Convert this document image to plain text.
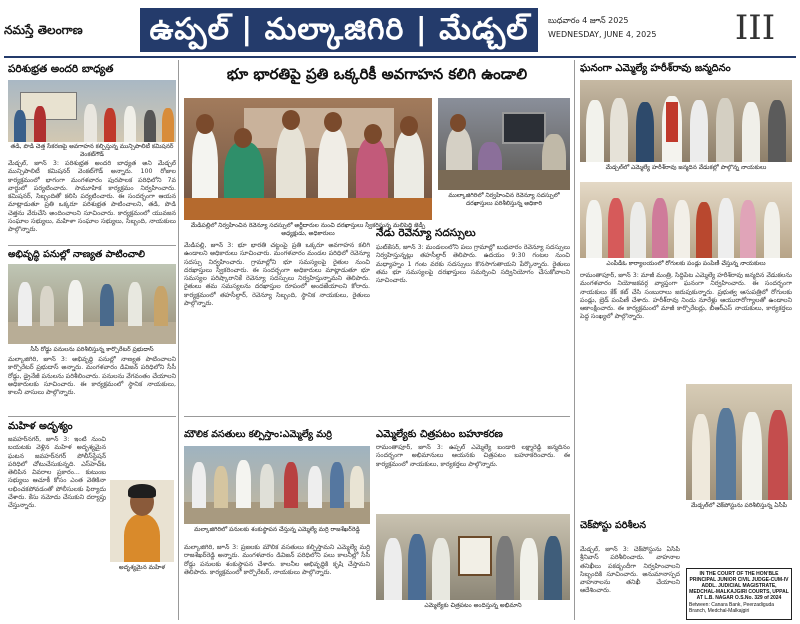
నమస్తే తెలంగాణ	ఉప్పల్ | మల్కాజిగిరి | మేడ్చల్	బుధవారం 4 జూన్ 2025
WEDNESDAY, JUNE 4, 2025	III
పరిశుభ్రత అందరి బాధ్యత
తడి, పొడి చెత్త సేకరణపై అవగాహన కల్పిస్తున్న మున్సిపాలిటీ కమిషనర్ వెంకట్‌గౌడ్
మేడ్చల్, జూన్ 3: పరిశుభ్రత అందరి బాధ్యత అని మేడ్చల్ మున్సిపాలిటీ కమిషనర్ వెంకట్‌గౌడ్ అన్నారు. 100 రోజుల కార్యక్రమంలో భాగంగా మంగళవారం పురపాలక పరిధిలోని 7వ వార్డులో పర్యటించారు. సామూహిక కార్యక్రమం నిర్వహించారు. కమిషనర్, సిబ్బందితో కలిసి పర్యటించారు. ఈ సందర్భంగా ఆయన మాట్లాడుతూ ప్రతి ఒక్కరూ పరిశుభ్రత పాటించాలని, తడి, పొడి చెత్తను వేరుచేసి అందించాలని సూచించారు. కార్యక్రమంలో యువజన సంఘాల సభ్యులు, మహిళా సంఘాల సభ్యులు, సిబ్బంది, నాయకులు పాల్గొన్నారు.
అభివృద్ధి పనుల్లో నాణ్యత పాటించాలి
సీసీ రోడ్డు పనులను పరిశీలిస్తున్న కార్పొరేటర్ ప్రభుదాస్
మల్కాజిగిరి, జూన్ 3: అభివృద్ధి పనుల్లో నాణ్యత పాటించాలని కార్పొరేటర్ ప్రభుదాస్ అన్నారు. మంగళవారం డివిజన్ పరిధిలోని సీసీ రోడ్డు, డ్రైనేజీ పనులను పరిశీలించారు. పనులను వేగవంతం చేయాలని అధికారులకు సూచించారు. ఈ కార్యక్రమంలో స్థానిక నాయకులు, కాలనీ వాసులు పాల్గొన్నారు.
మహిళ అదృశ్యం
జవహర్‌నగర్, జూన్ 3: ఇంటి నుంచి బయటకు వెళ్లిన మహిళ అదృశ్యమైన ఘటన జవహర్‌నగర్ పోలీస్‌స్టేషన్ పరిధిలో చోటుచేసుకున్నది. ఎస్‌హెచ్‌ఓ తెలిపిన వివరాల ప్రకారం... కుటుంబ సభ్యులు ఆచూకీ కోసం ఎంత వెతికినా లభించకపోవడంతో పోలీసులకు ఫిర్యాదు చేశారు. కేసు నమోదు చేసుకుని దర్యాప్తు చేస్తున్నారు.
అదృశ్యమైన మహిళ
భూ భారతిపై ప్రతి ఒక్కరికీ అవగాహన కలిగి ఉండాలి
మేడిపల్లిలో నిర్వహించిన రెవెన్యూ సదస్సులో అర్జీదారుల నుంచి దరఖాస్తులు స్వీకరిస్తున్న మలిపెద్ది జెడ్పీ అధ్యక్షుడు, అధికారులు
ముల్కాజిగిరిలో నిర్వహించిన రెవెన్యూ సదస్సులో దరఖాస్తులు పరిశీలిస్తున్న అధికారి
మేడిపల్లి, జూన్ 3: భూ భారతి చట్టంపై ప్రతి ఒక్కరూ అవగాహన కలిగి ఉండాలని అధికారులు సూచించారు. మంగళవారం మండల పరిధిలో రెవెన్యూ సదస్సు నిర్వహించారు. గ్రామాల్లోని భూ సమస్యలపై రైతుల నుంచి దరఖాస్తులు స్వీకరించారు. ఈ సందర్భంగా అధికారులు మాట్లాడుతూ భూ సమస్యల పరిష్కారానికే రెవెన్యూ సదస్సులు నిర్వహిస్తున్నామని తెలిపారు. రైతులు తమ సమస్యలను దరఖాస్తుల రూపంలో అందజేయాలని కోరారు. కార్యక్రమంలో తహసీల్దార్, రెవెన్యూ సిబ్బంది, స్థానిక నాయకులు, రైతులు పాల్గొన్నారు.
నేడు రెవెన్యూ సదస్సులు
ఘట్‌కేసర్, జూన్ 3: మండలంలోని పలు గ్రామాల్లో బుధవారం రెవెన్యూ సదస్సులు నిర్వహిస్తున్నట్లు తహసీల్దార్ తెలిపారు. ఉదయం 9:30 గంటల నుంచి మధ్యాహ్నం 1 గంట వరకు సదస్సులు కొనసాగుతాయని పేర్కొన్నారు. రైతులు తమ భూ సమస్యలపై దరఖాస్తులు సమర్పించి సద్వినియోగం చేసుకోవాలని సూచించారు.
మౌలిక వసతులు కల్పిస్తాం:ఎమ్మెల్యే మర్రి
మల్కాజిగిరిలో పనులకు శంకుస్థాపన చేస్తున్న ఎమ్మెల్యే మర్రి రాజశేఖర్‌రెడ్డి
మల్కాజిగిరి, జూన్ 3: ప్రజలకు మౌలిక వసతులు కల్పిస్తామని ఎమ్మెల్యే మర్రి రాజశేఖర్‌రెడ్డి అన్నారు. మంగళవారం డివిజన్ పరిధిలోని పలు కాలనీల్లో సీసీ రోడ్డు పనులకు శంకుస్థాపన చేశారు. కాలనీల అభివృద్ధికి కృషి చేస్తామని తెలిపారు. కార్యక్రమంలో కార్పొరేటర్, నాయకులు పాల్గొన్నారు.
ఎమ్మెల్యేకు చిత్రపటం బహూకరణ
రామంతాపూర్, జూన్ 3: ఉప్పల్ ఎమ్మెల్యే బండారి లక్ష్మారెడ్డి జన్మదినం సందర్భంగా అభిమానులు ఆయనకు చిత్రపటం బహూకరించారు. ఈ కార్యక్రమంలో నాయకులు, కార్యకర్తలు పాల్గొన్నారు.
ఎమ్మెల్యేకు చిత్రపటం అందిస్తున్న అభిమాని
ఘనంగా ఎమ్మెల్యే హరీశ్‌రావు జన్మదినం
మేడ్చల్‌లో ఎమ్మెల్యే హరీశ్‌రావు జన్మదిన వేడుకల్లో పాల్గొన్న నాయకులు
ఎంపీడీఓ కార్యాలయంలో రోగులకు పండ్లు పంపిణీ చేస్తున్న నాయకులు
రామంతాపూర్, జూన్ 3: మాజీ మంత్రి, సిద్దిపేట ఎమ్మెల్యే హరీశ్‌రావు జన్మదిన వేడుకలను మంగళవారం నియోజకవర్గ వ్యాప్తంగా ఘనంగా నిర్వహించారు. ఈ సందర్భంగా నాయకులు కేక్ కట్ చేసి సంబురాలు జరుపుకున్నారు. ప్రభుత్వ ఆసుపత్రిలో రోగులకు పండ్లు, బ్రెడ్ పంపిణీ చేశారు. హరీశ్‌రావు నిండు నూరేళ్లు ఆయురారోగ్యాలతో ఉండాలని ఆకాంక్షించారు. ఈ కార్యక్రమంలో మాజీ కార్పొరేటర్లు, బీఆర్‌ఎస్ నాయకులు, కార్యకర్తలు పెద్ద సంఖ్యలో పాల్గొన్నారు.
మేడ్చల్‌లో చెక్‌పోస్టును పరిశీలిస్తున్న ఏసీపీ
చెక్‌పోస్టు పరిశీలన
మేడ్చల్, జూన్ 3: చెక్‌పోస్టును ఏసీపీ శ్రీనివాస్ పరిశీలించారు. వాహనాల తనిఖీలు పకడ్బందీగా నిర్వహించాలని సిబ్బందికి సూచించారు. అనుమానాస్పద వాహనాలను తనిఖీ చేయాలని ఆదేశించారు.
IN THE COURT OF THE HON'BLE PRINCIPAL JUNIOR CIVIL JUDGE-CUM-IV ADDL. JUDICIAL MAGISTRATE, MEDCHAL-MALKAJGIRI COURTS, UPPAL AT L.B. NAGAR O.S.No. 329 of 2024
Between: Canara Bank, Peerzadiguda Branch, Medchal-Malkajgiri
